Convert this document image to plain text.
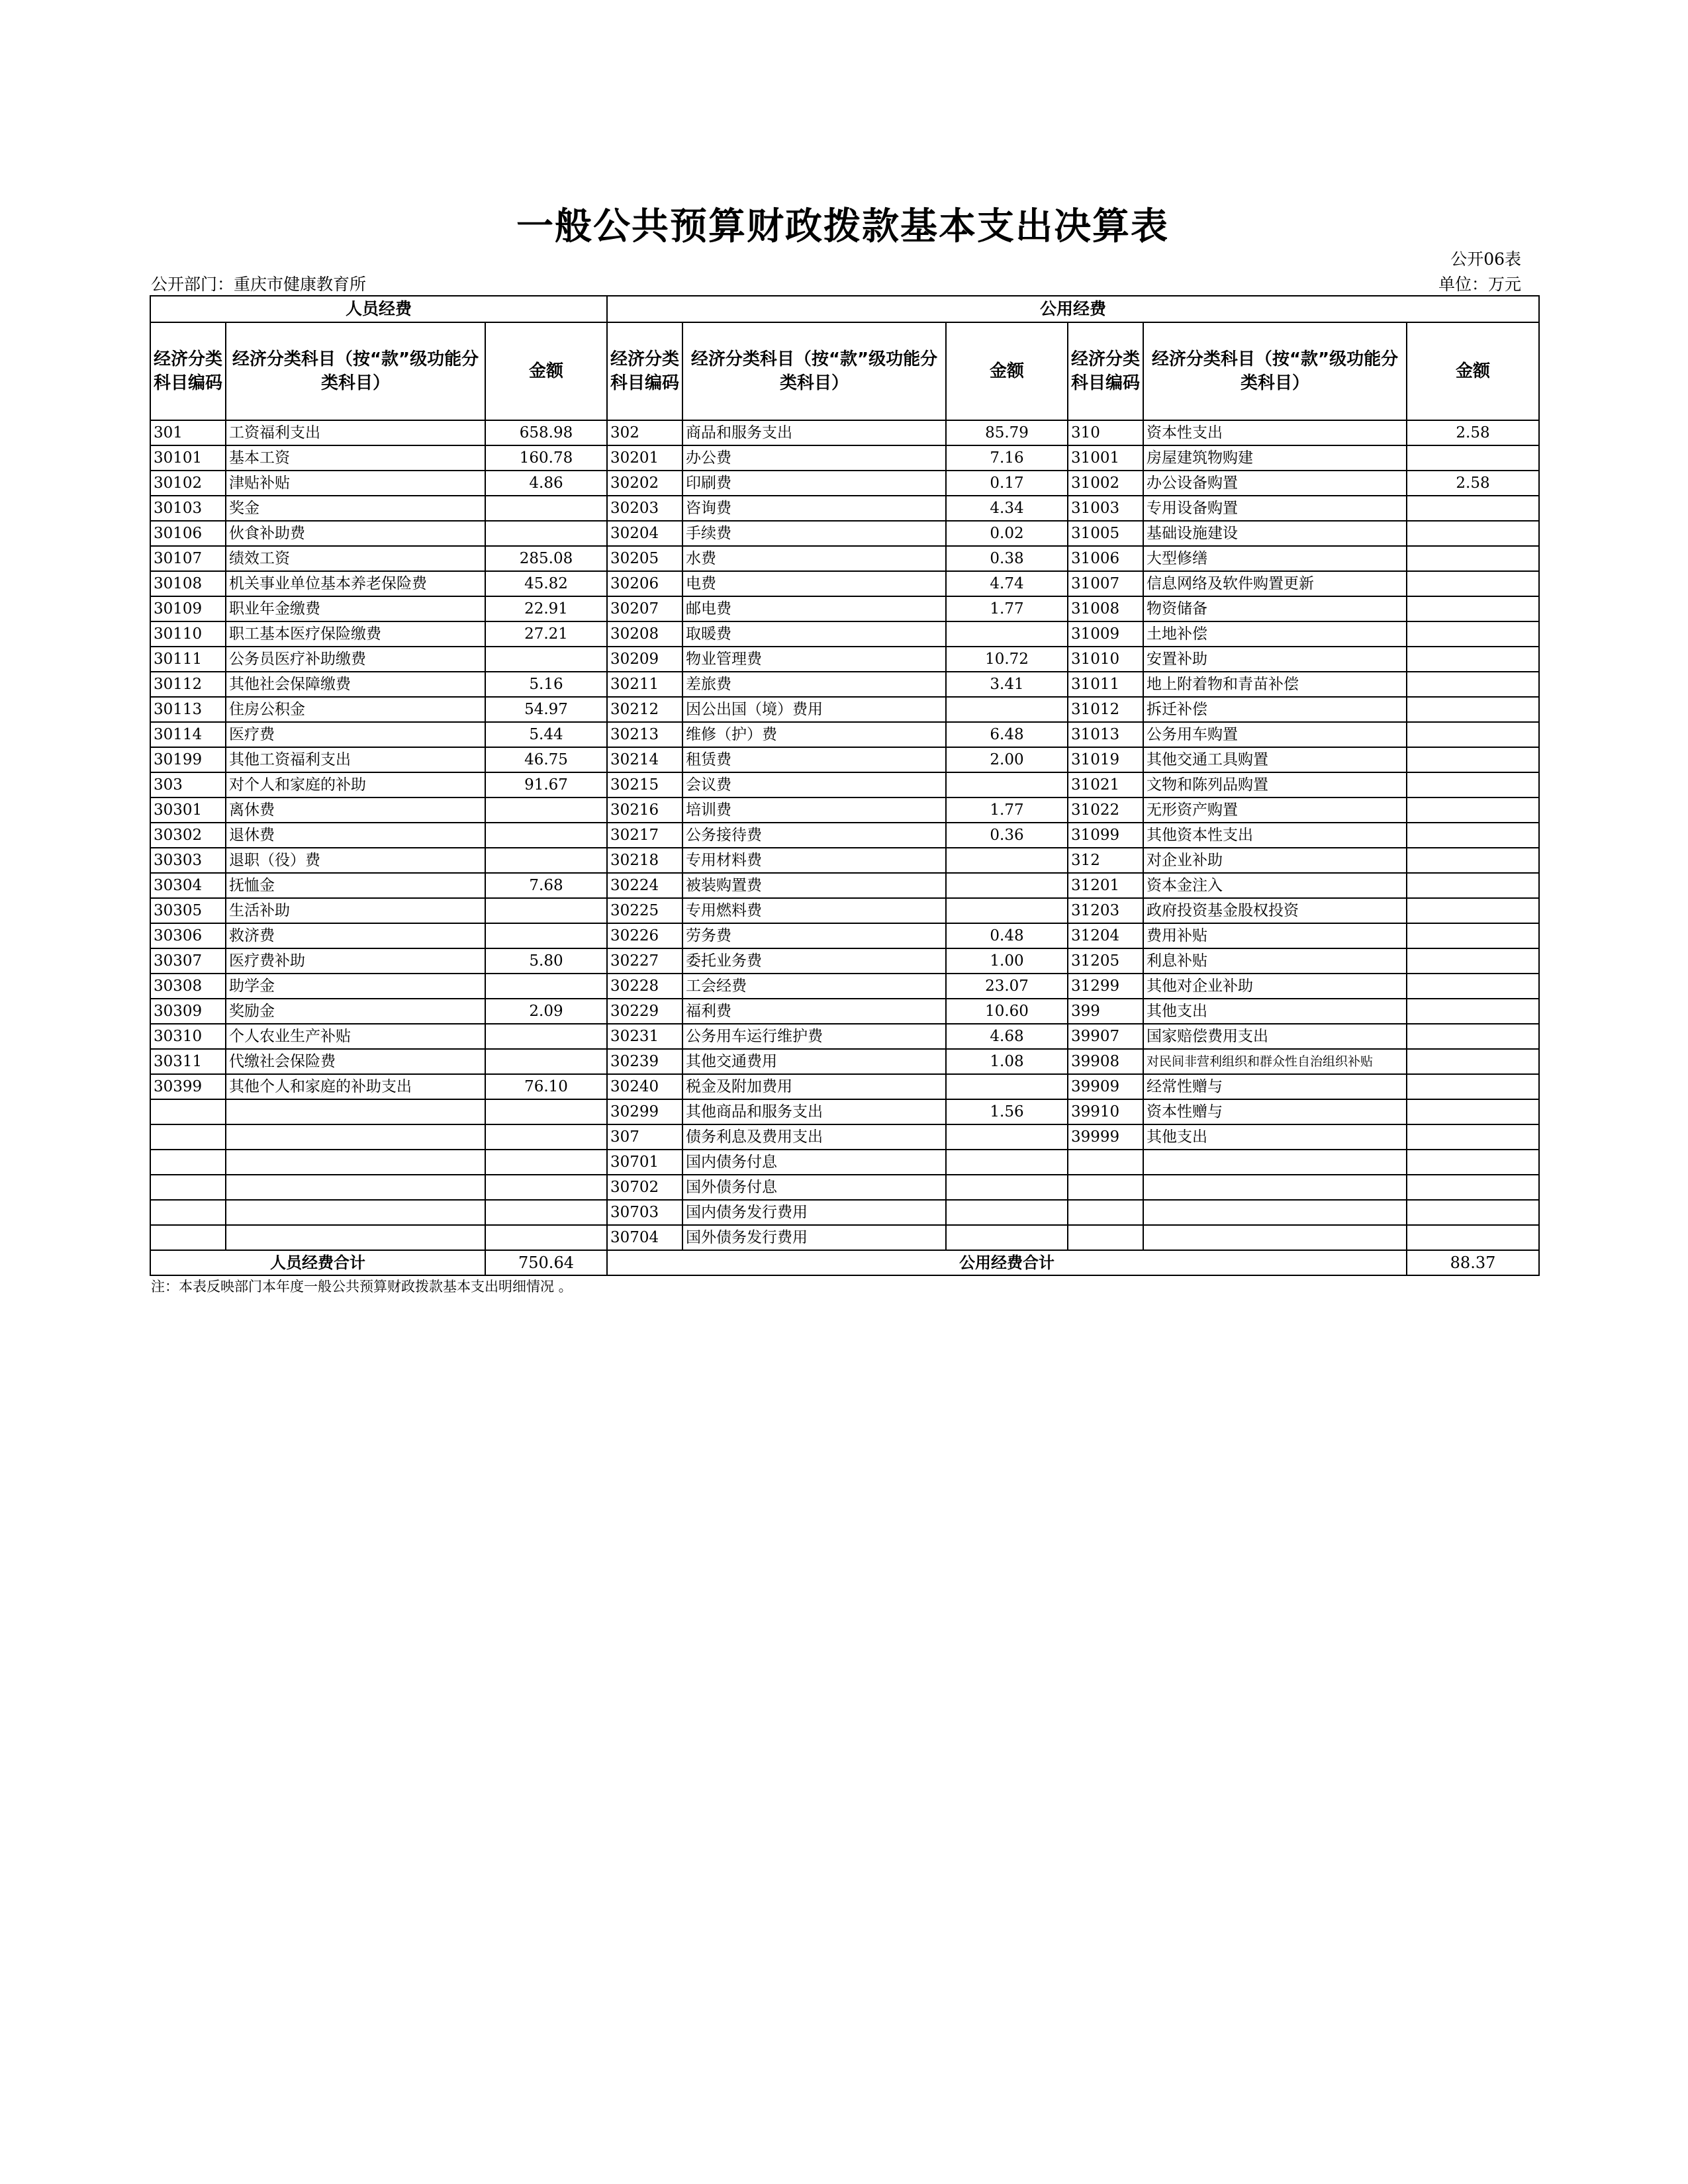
一般公共预算财政拨款基本支出决算表
公开06表
公开部门：重庆市健康教育所	单位：万元
人员经费			公用经费					
经济分类科目编码	经济分类科目（按“款”级功能分类科目）	金额	经济分类科目编码	经济分类科目（按“款”级功能分类科目）	金额	经济分类科目编码	经济分类科目（按“款”级功能分类科目）	金额
301	工资福利支出	658.98	302	商品和服务支出	85.79	310	资本性支出	2.58
30101	基本工资	160.78	30201	办公费	7.16	31001	房屋建筑物购建	
30102	津贴补贴	4.86	30202	印刷费	0.17	31002	办公设备购置	2.58
30103	奖金		30203	咨询费	4.34	31003	专用设备购置	
30106	伙食补助费		30204	手续费	0.02	31005	基础设施建设	
30107	绩效工资	285.08	30205	水费	0.38	31006	大型修缮	
30108	机关事业单位基本养老保险费	45.82	30206	电费	4.74	31007	信息网络及软件购置更新	
30109	职业年金缴费	22.91	30207	邮电费	1.77	31008	物资储备	
30110	职工基本医疗保险缴费	27.21	30208	取暖费		31009	土地补偿	
30111	公务员医疗补助缴费		30209	物业管理费	10.72	31010	安置补助	
30112	其他社会保障缴费	5.16	30211	差旅费	3.41	31011	地上附着物和青苗补偿	
30113	住房公积金	54.97	30212	因公出国（境）费用		31012	拆迁补偿	
30114	医疗费	5.44	30213	维修（护）费	6.48	31013	公务用车购置	
30199	其他工资福利支出	46.75	30214	租赁费	2.00	31019	其他交通工具购置	
303	对个人和家庭的补助	91.67	30215	会议费		31021	文物和陈列品购置	
30301	离休费		30216	培训费	1.77	31022	无形资产购置	
30302	退休费		30217	公务接待费	0.36	31099	其他资本性支出	
30303	退职（役）费		30218	专用材料费		312	对企业补助	
30304	抚恤金	7.68	30224	被装购置费		31201	资本金注入	
30305	生活补助		30225	专用燃料费		31203	政府投资基金股权投资	
30306	救济费		30226	劳务费	0.48	31204	费用补贴	
30307	医疗费补助	5.80	30227	委托业务费	1.00	31205	利息补贴	
30308	助学金		30228	工会经费	23.07	31299	其他对企业补助	
30309	奖励金	2.09	30229	福利费	10.60	399	其他支出	
30310	个人农业生产补贴		30231	公务用车运行维护费	4.68	39907	国家赔偿费用支出	
30311	代缴社会保险费		30239	其他交通费用	1.08	39908	对民间非营利组织和群众性自治组织补贴	
30399	其他个人和家庭的补助支出	76.10	30240	税金及附加费用		39909	经常性赠与	
			30299	其他商品和服务支出	1.56	39910	资本性赠与	
			307	债务利息及费用支出		39999	其他支出	
			30701	国内债务付息				
			30702	国外债务付息				
			30703	国内债务发行费用				
			30704	国外债务发行费用				
人员经费合计		750.64	公用经费合计					88.37
注：本表反映部门本年度一般公共预算财政拨款基本支出明细情况 。
